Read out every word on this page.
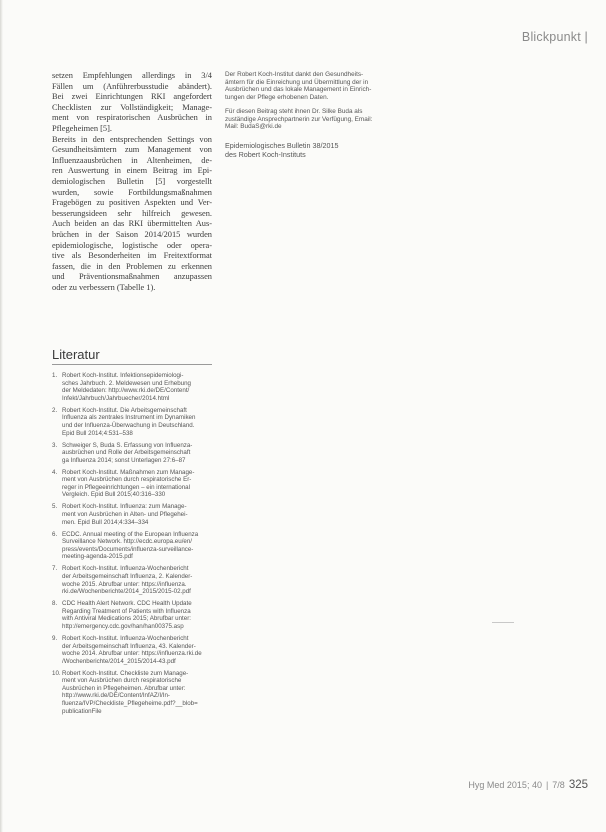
Blickpunkt |
setzen Empfehlungen allerdings in 3/4
Fällen um (Anführerbusstudie abändert).
Bei zwei Einrichtungen RKI angefordert
Checklisten zur Vollständigkeit; Manage-
ment von respiratorischen Ausbrüchen in
Pflegeheimen [5].
Bereits in den entsprechenden Settings von
Gesundheitsämtern zum Management von
Influenzaausbrüchen in Altenheimen, de-
ren Auswertung in einem Beitrag im Epi-
demiologischen Bulletin [5] vorgestellt
wurden, sowie Fortbildungsmaßnahmen
Fragebögen zu positiven Aspekten und Ver-
besserungsideen sehr hilfreich gewesen.
Auch beiden an das RKI übermittelten Aus-
brüchen in der Saison 2014/2015 wurden
epidemiologische, logistische oder opera-
tive als Besonderheiten im Freitextformat
fassen, die in den Problemen zu erkennen
und Präventionsmaßnahmen anzupassen
oder zu verbessern (Tabelle 1).
Der Robert Koch-Institut dankt den Gesundheits-
ämtern für die Einreichung und Übermittlung der in
Ausbrüchen und das lokale Management in Einrich-
tungen der Pflege erhobenen Daten.
Für diesen Beitrag steht ihnen Dr. Silke Buda als
zuständige Ansprechpartnerin zur Verfügung, Email:
Mail: BudaS@rki.de
Epidemiologisches Bulletin 38/2015
des Robert Koch-Instituts
Literatur
1. Robert Koch-Institut. Infektionsepidemiologi-
sches Jahrbuch. 2. Meldewesen und Erhebung
der Meldedaten: http://www.rki.de/DE/Content/
Infekt/Jahrbuch/Jahrbuecher/2014.html
2. Robert Koch-Institut. Die Arbeitsgemeinschaft
Influenza als zentrales Instrument im Dynamiken
und der Influenza-Überwachung in Deutschland.
Epid Bull 2014;4:531–538
3. Schweiger S, Buda S. Erfassung von Influenza-
ausbrüchen und Rolle der Arbeitsgemeinschaft
ga Influenza 2014; sonst Unterlagen 27:6–87
4. Robert Koch-Institut. Maßnahmen zum Manage-
ment von Ausbrüchen durch respiratorische Er-
reger in Pflegeeinrichtungen – ein international
Vergleich. Epid Bull 2015;40:316–330
5. Robert Koch-Institut. Influenza: zum Manage-
ment von Ausbrüchen in Alten- und Pflegehei-
men. Epid Bull 2014;4:334–334
6. ECDC. Annual meeting of the European Influenza
Surveillance Network. http://ecdc.europa.eu/en/
press/events/Documents/influenza-surveillance-
meeting-agenda-2015.pdf
7. Robert Koch-Institut. Influenza-Wochenbericht
der Arbeitsgemeinschaft Influenza, 2. Kalender-
woche 2015. Abrufbar unter: https://influenza.
rki.de/Wochenberichte/2014_2015/2015-02.pdf
8. CDC Health Alert Network. CDC Health Update
Regarding Treatment of Patients with Influenza
with Antiviral Medications 2015; Abrufbar unter:
http://emergency.cdc.gov/han/han00375.asp
9. Robert Koch-Institut. Influenza-Wochenbericht
der Arbeitsgemeinschaft Influenza, 43. Kalender-
woche 2014. Abrufbar unter: https://influenza.rki.de
/Wochenberichte/2014_2015/2014-43.pdf
10. Robert Koch-Institut. Checkliste zum Manage-
ment von Ausbrüchen durch respiratorische
Ausbrüchen in Pflegeheimen. Abrufbar unter:
http://www.rki.de/DE/Content/InfAZ/I/In-
fluenza/IVP/Checkliste_Pflegeheime.pdf?__blob=
publicationFile
Hyg Med 2015; 40 | 7/8 325
